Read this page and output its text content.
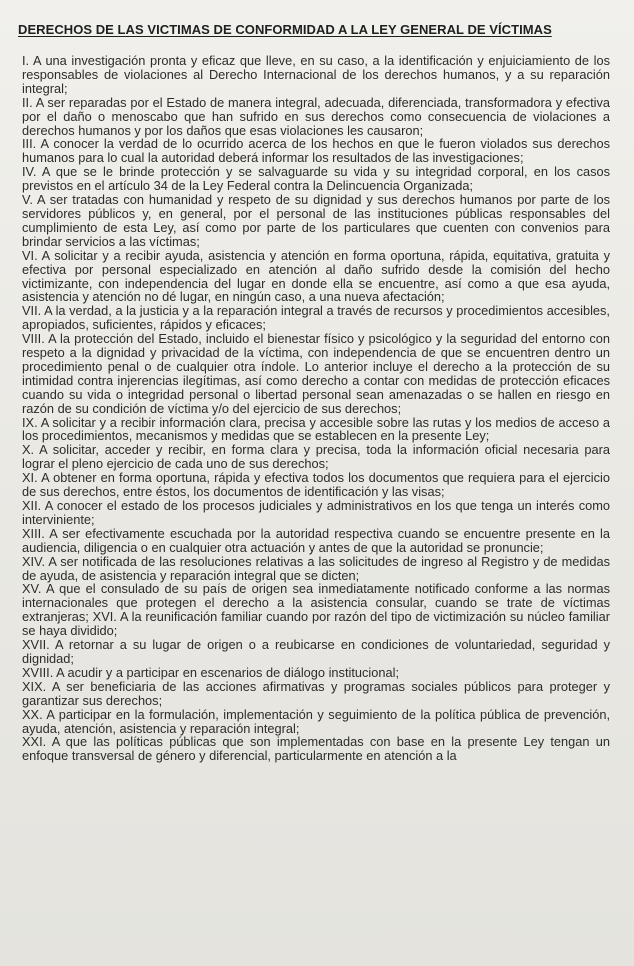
DERECHOS DE LAS VICTIMAS DE CONFORMIDAD A LA LEY GENERAL DE VÍCTIMAS

I. A una investigación pronta y eficaz que lleve, en su caso, a la identificación y enjuiciamiento de los responsables de violaciones al Derecho Internacional de los derechos humanos, y a su reparación integral;

II. A ser reparadas por el Estado de manera integral, adecuada, diferenciada, transformadora y efectiva por el daño o menoscabo que han sufrido en sus derechos como consecuencia de violaciones a derechos humanos y por los daños que esas violaciones les causaron;

III. A conocer la verdad de lo ocurrido acerca de los hechos en que le fueron violados sus derechos humanos para lo cual la autoridad deberá informar los resultados de las investigaciones;

IV. A que se le brinde protección y se salvaguarde su vida y su integridad corporal, en los casos previstos en el artículo 34 de la Ley Federal contra la Delincuencia Organizada;

V. A ser tratadas con humanidad y respeto de su dignidad y sus derechos humanos por parte de los servidores públicos y, en general, por el personal de las instituciones públicas responsables del cumplimiento de esta Ley, así como por parte de los particulares que cuenten con convenios para brindar servicios a las víctimas;

VI. A solicitar y a recibir ayuda, asistencia y atención en forma oportuna, rápida, equitativa, gratuita y efectiva por personal especializado en atención al daño sufrido desde la comisión del hecho victimizante, con independencia del lugar en donde ella se encuentre, así como a que esa ayuda, asistencia y atención no dé lugar, en ningún caso, a una nueva afectación;

VII. A la verdad, a la justicia y a la reparación integral a través de recursos y procedimientos accesibles, apropiados, suficientes, rápidos y eficaces;

VIII. A la protección del Estado, incluido el bienestar físico y psicológico y la seguridad del entorno con respeto a la dignidad y privacidad de la víctima, con independencia de que se encuentren dentro un procedimiento penal o de cualquier otra índole. Lo anterior incluye el derecho a la protección de su intimidad contra injerencias ilegítimas, así como derecho a contar con medidas de protección eficaces cuando su vida o integridad personal o libertad personal sean amenazadas o se hallen en riesgo en razón de su condición de víctima y/o del ejercicio de sus derechos;

IX. A solicitar y a recibir información clara, precisa y accesible sobre las rutas y los medios de acceso a los procedimientos, mecanismos y medidas que se establecen en la presente Ley;

X. A solicitar, acceder y recibir, en forma clara y precisa, toda la información oficial necesaria para lograr el pleno ejercicio de cada uno de sus derechos;

XI. A obtener en forma oportuna, rápida y efectiva todos los documentos que requiera para el ejercicio de sus derechos, entre éstos, los documentos de identificación y las visas;

XII. A conocer el estado de los procesos judiciales y administrativos en los que tenga un interés como interviniente;

XIII. A ser efectivamente escuchada por la autoridad respectiva cuando se encuentre presente en la audiencia, diligencia o en cualquier otra actuación y antes de que la autoridad se pronuncie;

XIV. A ser notificada de las resoluciones relativas a las solicitudes de ingreso al Registro y de medidas de ayuda, de asistencia y reparación integral que se dicten;

XV. A que el consulado de su país de origen sea inmediatamente notificado conforme a las normas internacionales que protegen el derecho a la asistencia consular, cuando se trate de víctimas extranjeras; XVI. A la reunificación familiar cuando por razón del tipo de victimización su núcleo familiar se haya dividido;

XVII. A retornar a su lugar de origen o a reubicarse en condiciones de voluntariedad, seguridad y dignidad;

XVIII. A acudir y a participar en escenarios de diálogo institucional;

XIX. A ser beneficiaria de las acciones afirmativas y programas sociales públicos para proteger y garantizar sus derechos;

XX. A participar en la formulación, implementación y seguimiento de la política pública de prevención, ayuda, atención, asistencia y reparación integral;

XXI. A que las políticas públicas que son implementadas con base en la presente Ley tengan un enfoque transversal de género y diferencial, particularmente en atención a la
